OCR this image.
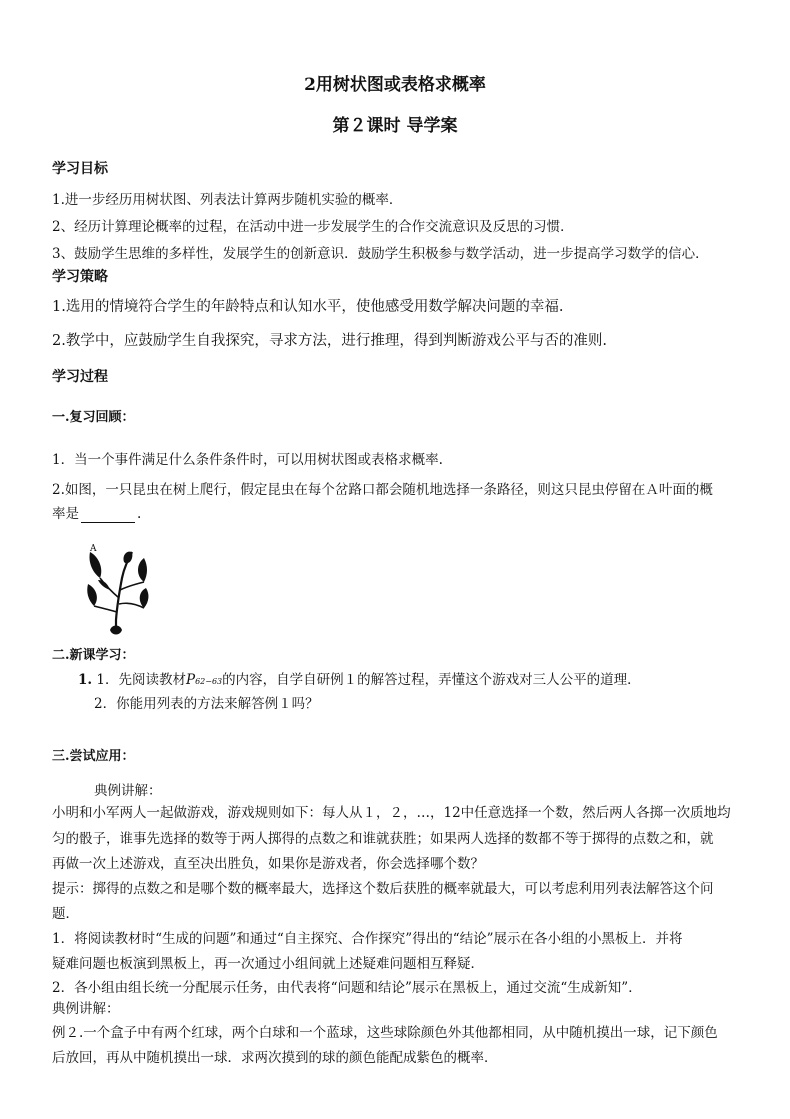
2用树状图或表格求概率
第２课时 导学案
学习目标
1.进一步经历用树状图、列表法计算两步随机实验的概率．
2、经历计算理论概率的过程，在活动中进一步发展学生的合作交流意识及反思的习惯．
3、鼓励学生思维的多样性，发展学生的创新意识．鼓励学生积极参与数学活动，进一步提高学习数学的信心．
学习策略
1.选用的情境符合学生的年龄特点和认知水平，使他感受用数学解决问题的幸福.
2.教学中，应鼓励学生自我探究，寻求方法，进行推理，得到判断游戏公平与否的准则.
学习过程
一.复习回顾：
1．当一个事件满足什么条件条件时，可以用树状图或表格求概率.
2.如图，一只昆虫在树上爬行，假定昆虫在每个岔路口都会随机地选择一条路径，则这只昆虫停留在Ａ叶面的概
率是	.
A
二.新课学习：
1. 1．先阅读教材P62−63的内容，自学自研例１的解答过程，弄懂这个游戏对三人公平的道理．
2．你能用列表的方法来解答例１吗？
三.尝试应用：
典例讲解：
小明和小军两人一起做游戏，游戏规则如下：每人从１，２，…，12中任意选择一个数，然后两人各掷一次质地均
匀的骰子，谁事先选择的数等于两人掷得的点数之和谁就获胜；如果两人选择的数都不等于掷得的点数之和，就
再做一次上述游戏，直至决出胜负，如果你是游戏者，你会选择哪个数？
提示：掷得的点数之和是哪个数的概率最大，选择这个数后获胜的概率就最大，可以考虑利用列表法解答这个问
题．
1．将阅读教材时“生成的问题”和通过“自主探究、合作探究”得出的“结论”展示在各小组的小黑板上．并将
疑难问题也板演到黑板上，再一次通过小组间就上述疑难问题相互释疑．
2．各小组由组长统一分配展示任务，由代表将“问题和结论”展示在黑板上，通过交流“生成新知”．
典例讲解：
例２.一个盒子中有两个红球，两个白球和一个蓝球，这些球除颜色外其他都相同，从中随机摸出一球，记下颜色
后放回，再从中随机摸出一球．求两次摸到的球的颜色能配成紫色的概率．
